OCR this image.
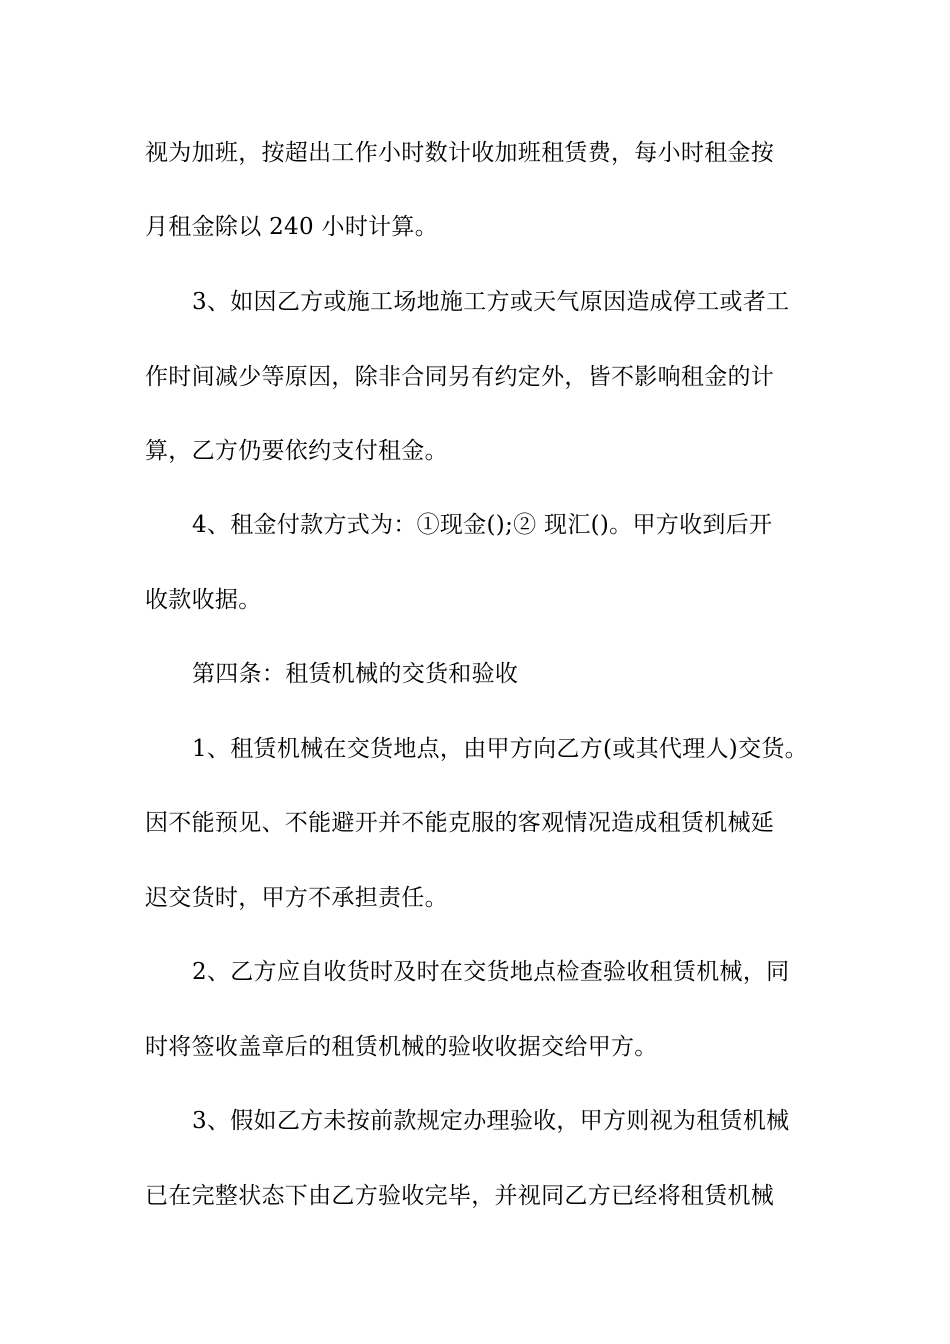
视为加班，按超出工作小时数计收加班租赁费，每小时租金按
月租金除以 240 小时计算。
3、如因乙方或施工场地施工方或天气原因造成停工或者工
作时间减少等原因，除非合同另有约定外，皆不影响租金的计
算，乙方仍要依约支付租金。
4、租金付款方式为：①现金();② 现汇()。甲方收到后开
收款收据。
第四条：租赁机械的交货和验收
1、租赁机械在交货地点，由甲方向乙方(或其代理人)交货。
因不能预见、不能避开并不能克服的客观情况造成租赁机械延
迟交货时，甲方不承担责任。
2、乙方应自收货时及时在交货地点检查验收租赁机械，同
时将签收盖章后的租赁机械的验收收据交给甲方。
3、假如乙方未按前款规定办理验收，甲方则视为租赁机械
已在完整状态下由乙方验收完毕，并视同乙方已经将租赁机械
